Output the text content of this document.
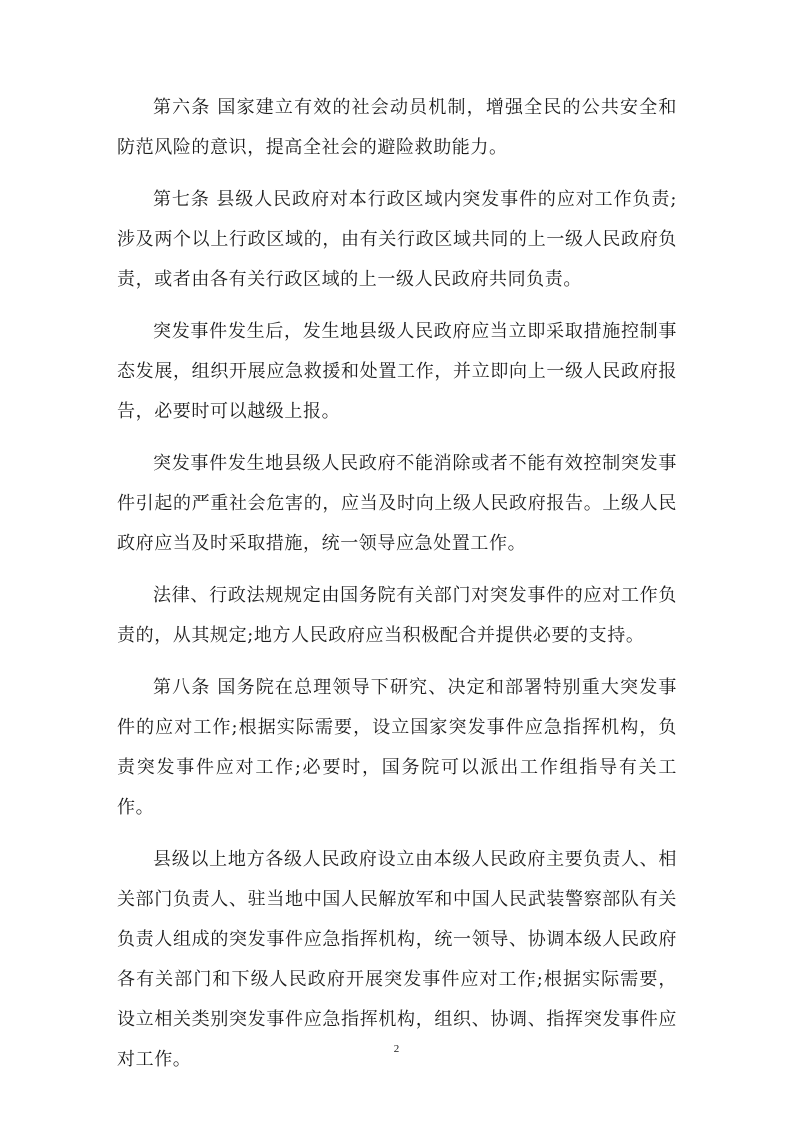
第六条 国家建立有效的社会动员机制，增强全民的公共安全和防范风险的意识，提高全社会的避险救助能力。

第七条 县级人民政府对本行政区域内突发事件的应对工作负责;涉及两个以上行政区域的，由有关行政区域共同的上一级人民政府负责，或者由各有关行政区域的上一级人民政府共同负责。

突发事件发生后，发生地县级人民政府应当立即采取措施控制事态发展，组织开展应急救援和处置工作，并立即向上一级人民政府报告，必要时可以越级上报。

突发事件发生地县级人民政府不能消除或者不能有效控制突发事件引起的严重社会危害的，应当及时向上级人民政府报告。上级人民政府应当及时采取措施，统一领导应急处置工作。

法律、行政法规规定由国务院有关部门对突发事件的应对工作负责的，从其规定;地方人民政府应当积极配合并提供必要的支持。

第八条 国务院在总理领导下研究、决定和部署特别重大突发事件的应对工作;根据实际需要，设立国家突发事件应急指挥机构，负责突发事件应对工作;必要时，国务院可以派出工作组指导有关工作。

县级以上地方各级人民政府设立由本级人民政府主要负责人、相关部门负责人、驻当地中国人民解放军和中国人民武装警察部队有关负责人组成的突发事件应急指挥机构，统一领导、协调本级人民政府各有关部门和下级人民政府开展突发事件应对工作;根据实际需要，设立相关类别突发事件应急指挥机构，组织、协调、指挥突发事件应对工作。	2
